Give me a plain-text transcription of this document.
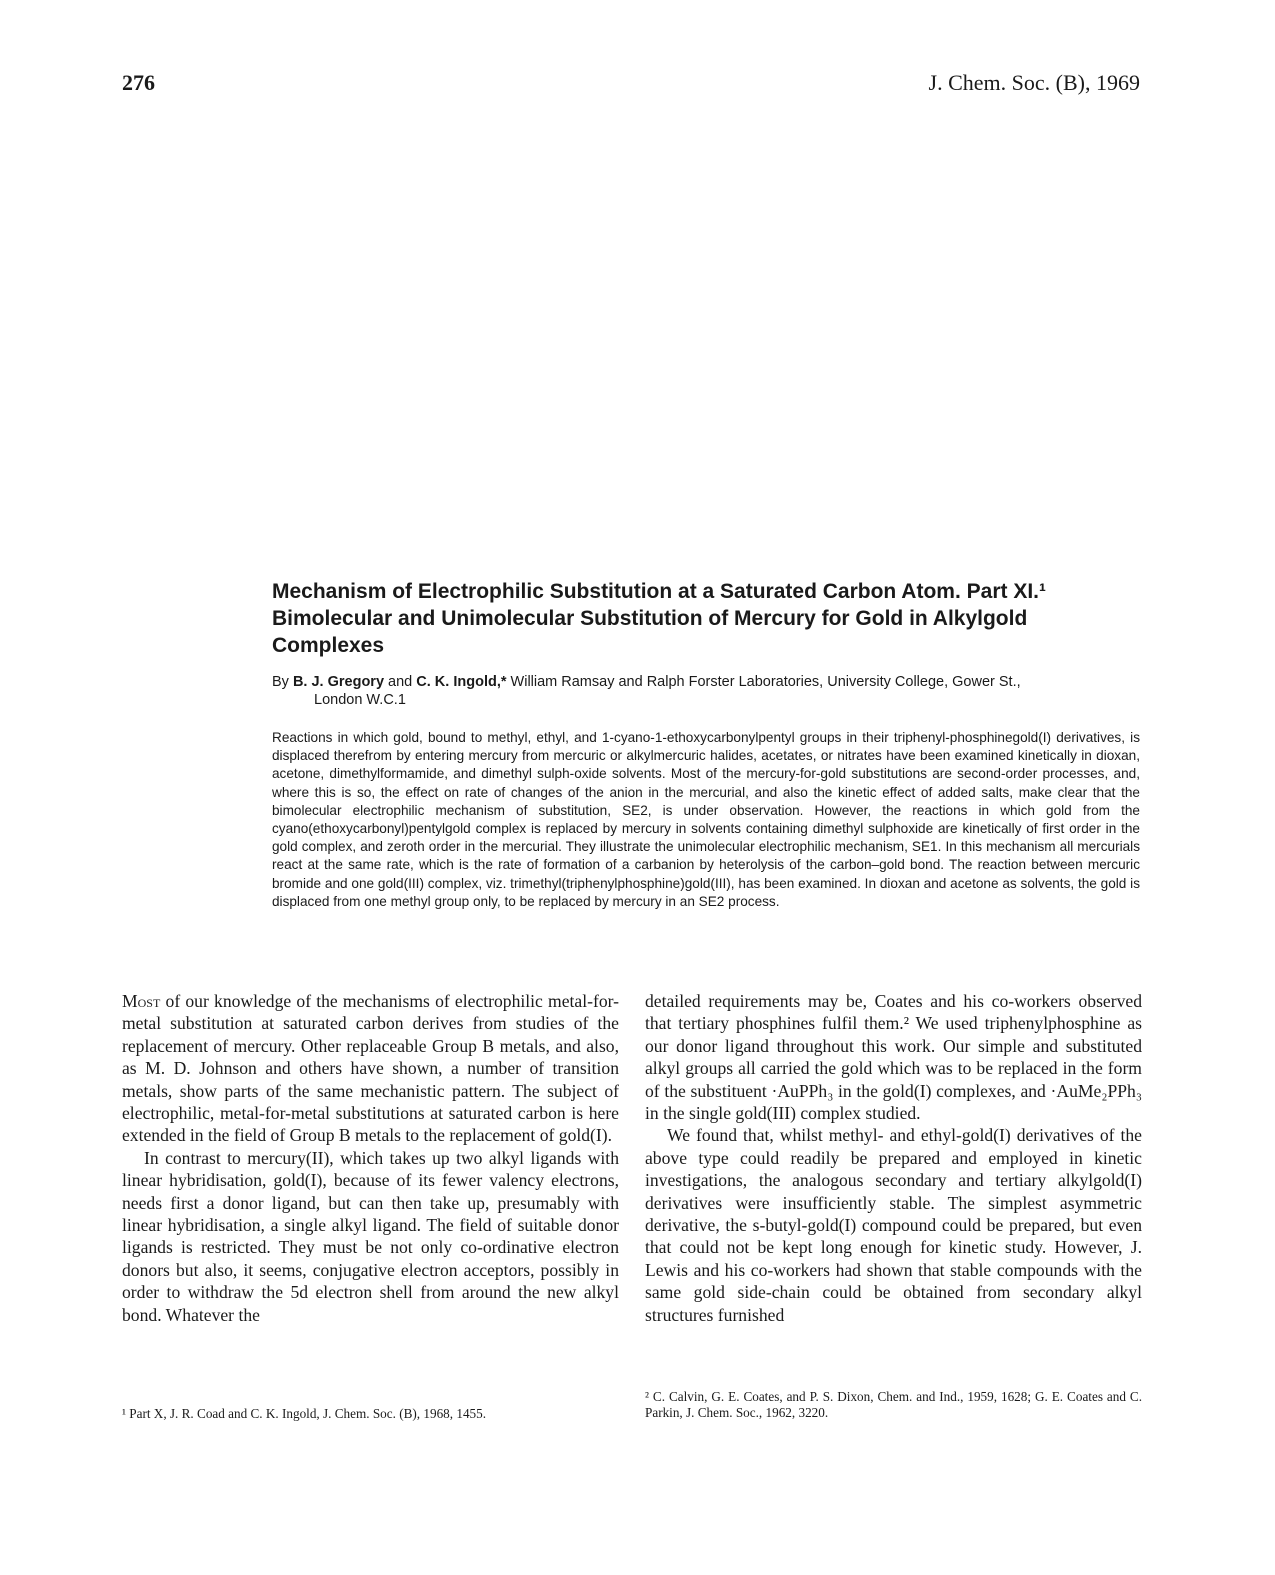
276	J. Chem. Soc. (B), 1969
Mechanism of Electrophilic Substitution at a Saturated Carbon Atom. Part XI.¹ Bimolecular and Unimolecular Substitution of Mercury for Gold in Alkylgold Complexes
By B. J. Gregory and C. K. Ingold,* William Ramsay and Ralph Forster Laboratories, University College, Gower St.,
London W.C.1

Reactions in which gold, bound to methyl, ethyl, and 1-cyano-1-ethoxycarbonylpentyl groups in their triphenyl-phosphinegold(I) derivatives, is displaced therefrom by entering mercury from mercuric or alkylmercuric halides, acetates, or nitrates have been examined kinetically in dioxan, acetone, dimethylformamide, and dimethyl sulph-oxide solvents. Most of the mercury-for-gold substitutions are second-order processes, and, where this is so, the effect on rate of changes of the anion in the mercurial, and also the kinetic effect of added salts, make clear that the bimolecular electrophilic mechanism of substitution, SE2, is under observation. However, the reactions in which gold from the cyano(ethoxycarbonyl)pentylgold complex is replaced by mercury in solvents containing dimethyl sulphoxide are kinetically of first order in the gold complex, and zeroth order in the mercurial. They illustrate the unimolecular electrophilic mechanism, SE1. In this mechanism all mercurials react at the same rate, which is the rate of formation of a carbanion by heterolysis of the carbon–gold bond. The reaction between mercuric bromide and one gold(III) complex, viz. trimethyl(triphenylphosphine)gold(III), has been examined. In dioxan and acetone as solvents, the gold is displaced from one methyl group only, to be replaced by mercury in an SE2 process.

Most of our knowledge of the mechanisms of electrophilic metal-for-metal substitution at saturated carbon derives from studies of the replacement of mercury. Other replaceable Group B metals, and also, as M. D. Johnson and others have shown, a number of transition metals, show parts of the same mechanistic pattern. The subject of electrophilic, metal-for-metal substitutions at saturated carbon is here extended in the field of Group B metals to the replacement of gold(I).

In contrast to mercury(II), which takes up two alkyl ligands with linear hybridisation, gold(I), because of its fewer valency electrons, needs first a donor ligand, but can then take up, presumably with linear hybridisation, a single alkyl ligand. The field of suitable donor ligands is restricted. They must be not only co-ordinative electron donors but also, it seems, conjugative electron acceptors, possibly in order to withdraw the 5d electron shell from around the new alkyl bond. Whatever the

detailed requirements may be, Coates and his co-workers observed that tertiary phosphines fulfil them.² We used triphenylphosphine as our donor ligand throughout this work. Our simple and substituted alkyl groups all carried the gold which was to be replaced in the form of the substituent ·AuPPh₃ in the gold(I) complexes, and ·AuMe₂PPh₃ in the single gold(III) complex studied.

We found that, whilst methyl- and ethyl-gold(I) derivatives of the above type could readily be prepared and employed in kinetic investigations, the analogous secondary and tertiary alkylgold(I) derivatives were insufficiently stable. The simplest asymmetric derivative, the s-butyl-gold(I) compound could be prepared, but even that could not be kept long enough for kinetic study. However, J. Lewis and his co-workers had shown that stable compounds with the same gold side-chain could be obtained from secondary alkyl structures furnished

¹ Part X, J. R. Coad and C. K. Ingold, J. Chem. Soc. (B), 1968, 1455.
² C. Calvin, G. E. Coates, and P. S. Dixon, Chem. and Ind., 1959, 1628; G. E. Coates and C. Parkin, J. Chem. Soc., 1962, 3220.
